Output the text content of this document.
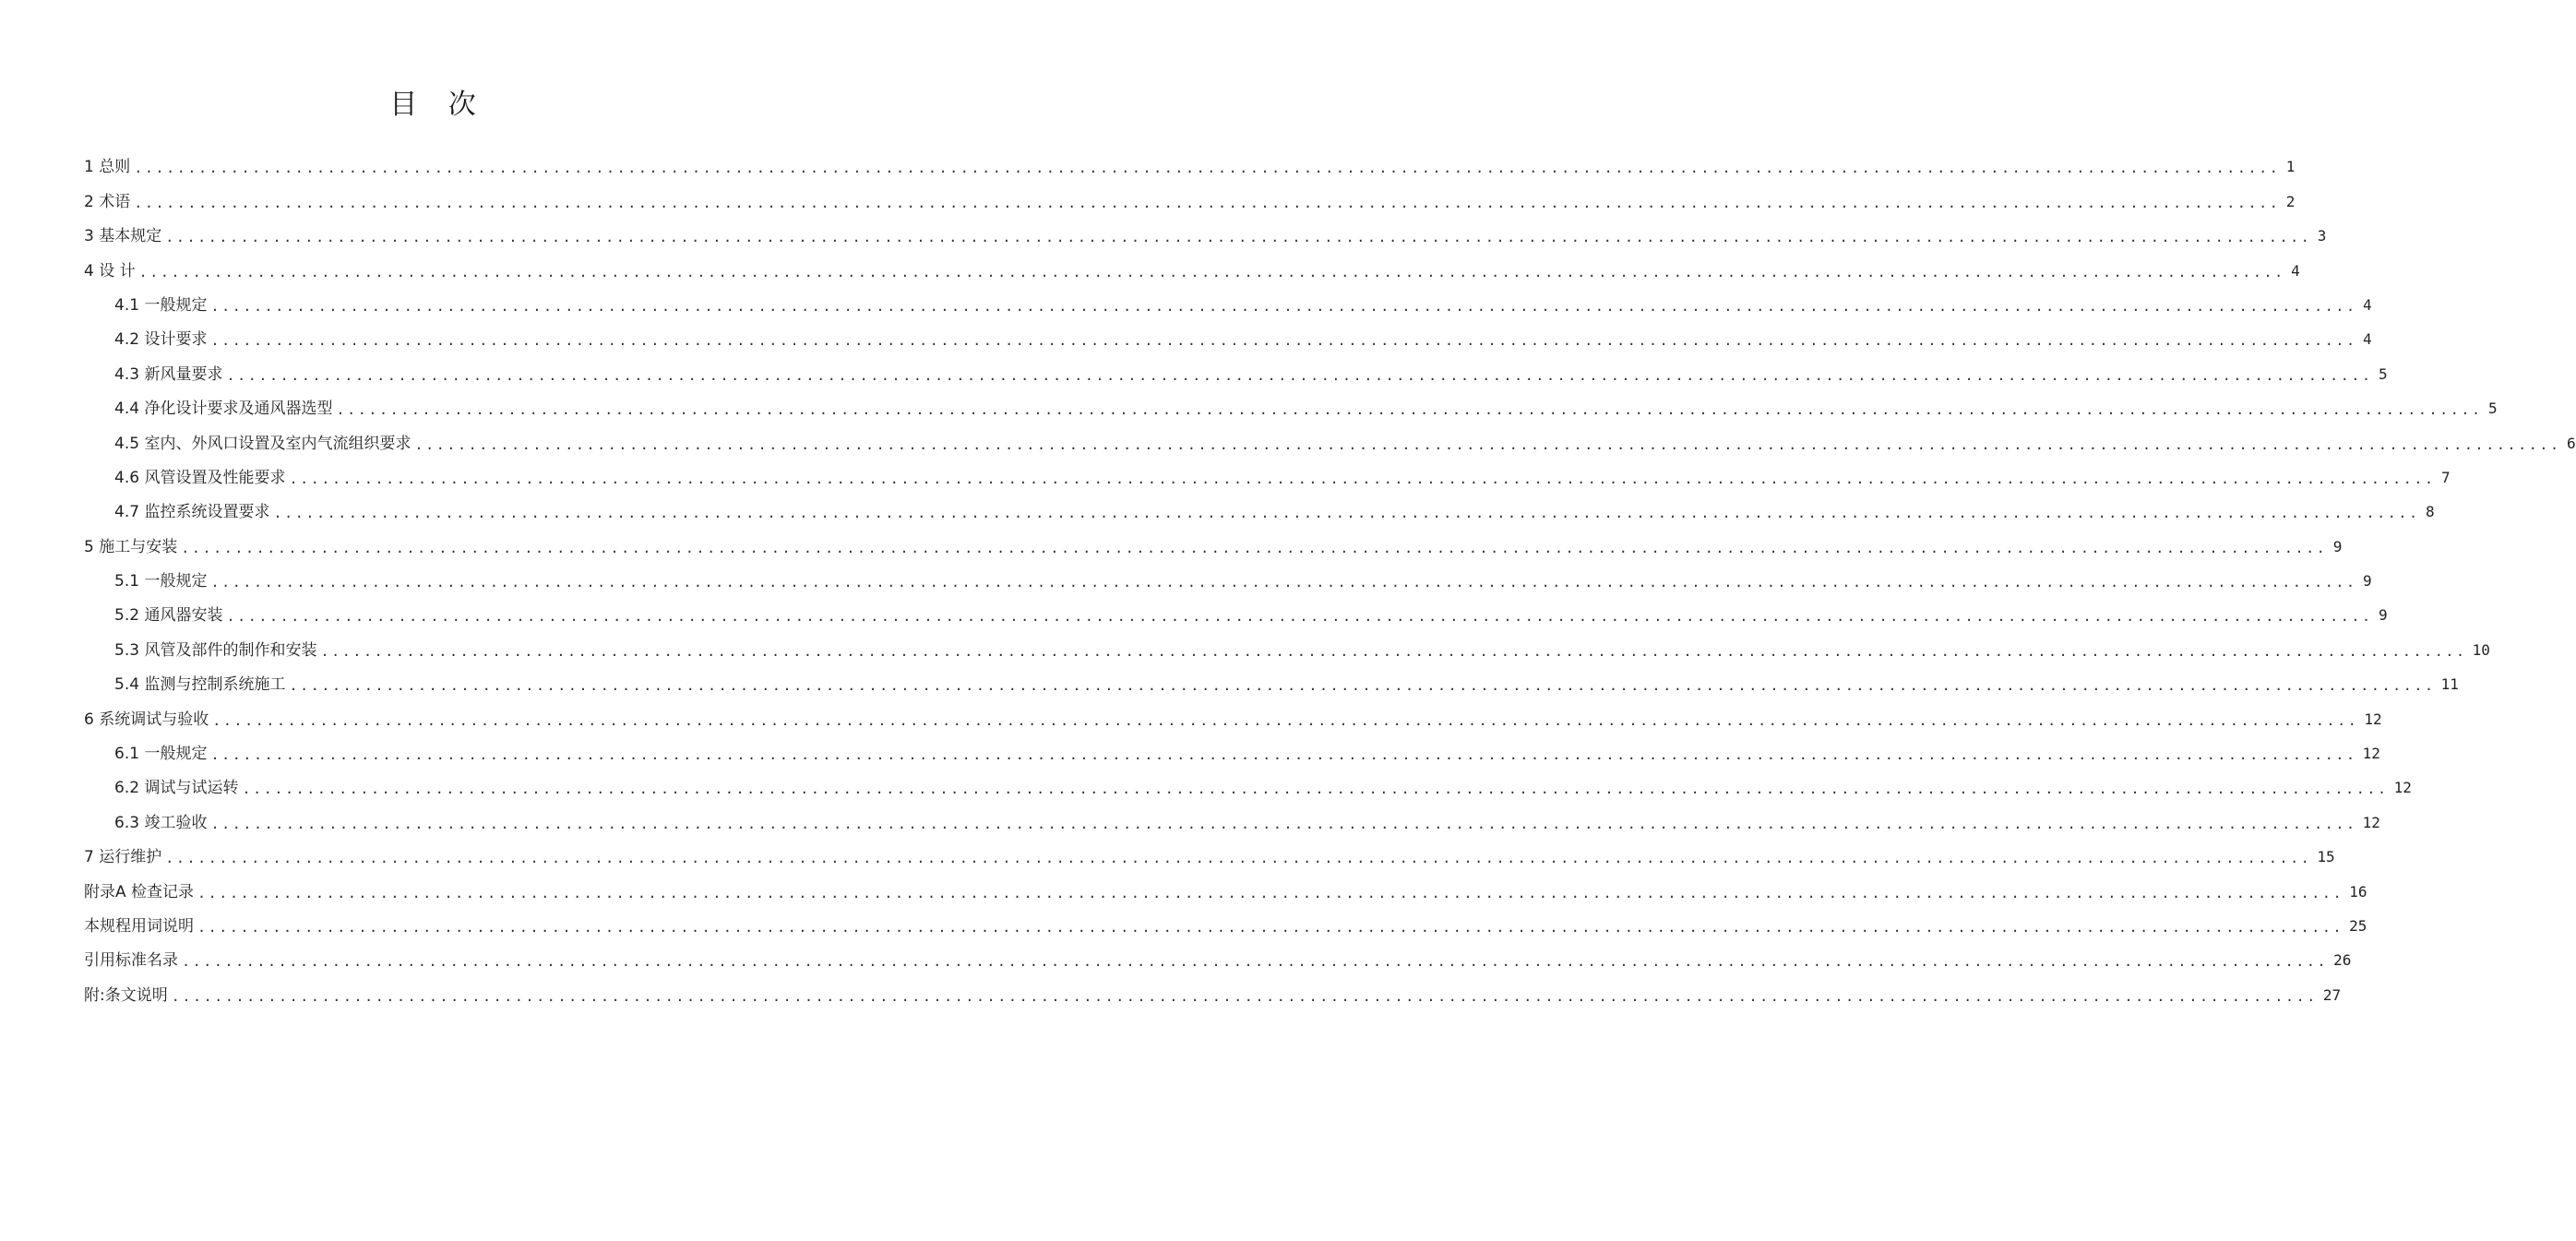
目 次
1 总则 ........................................................................................................................................................................................................ 1
2 术语 ........................................................................................................................................................................................................ 2
3 基本规定 ........................................................................................................................................................................................................ 3
4 设 计 ........................................................................................................................................................................................................ 4
4.1 一般规定 ........................................................................................................................................................................................................ 4
4.2 设计要求 ........................................................................................................................................................................................................ 4
4.3 新风量要求 ........................................................................................................................................................................................................ 5
4.4 净化设计要求及通风器选型 ........................................................................................................................................................................................................ 5
4.5 室内、外风口设置及室内气流组织要求 ........................................................................................................................................................................................................ 6
4.6 风管设置及性能要求 ........................................................................................................................................................................................................ 7
4.7 监控系统设置要求 ........................................................................................................................................................................................................ 8
5 施工与安装 ........................................................................................................................................................................................................ 9
5.1 一般规定 ........................................................................................................................................................................................................ 9
5.2 通风器安装 ........................................................................................................................................................................................................ 9
5.3 风管及部件的制作和安装 ........................................................................................................................................................................................................ 10
5.4 监测与控制系统施工 ........................................................................................................................................................................................................ 11
6 系统调试与验收 ........................................................................................................................................................................................................ 12
6.1 一般规定 ........................................................................................................................................................................................................ 12
6.2 调试与试运转 ........................................................................................................................................................................................................ 12
6.3 竣工验收 ........................................................................................................................................................................................................ 12
7 运行维护 ........................................................................................................................................................................................................ 15
附录A 检查记录 ........................................................................................................................................................................................................ 16
本规程用词说明 ........................................................................................................................................................................................................ 25
引用标准名录 ........................................................................................................................................................................................................ 26
附:条文说明 ........................................................................................................................................................................................................ 27
